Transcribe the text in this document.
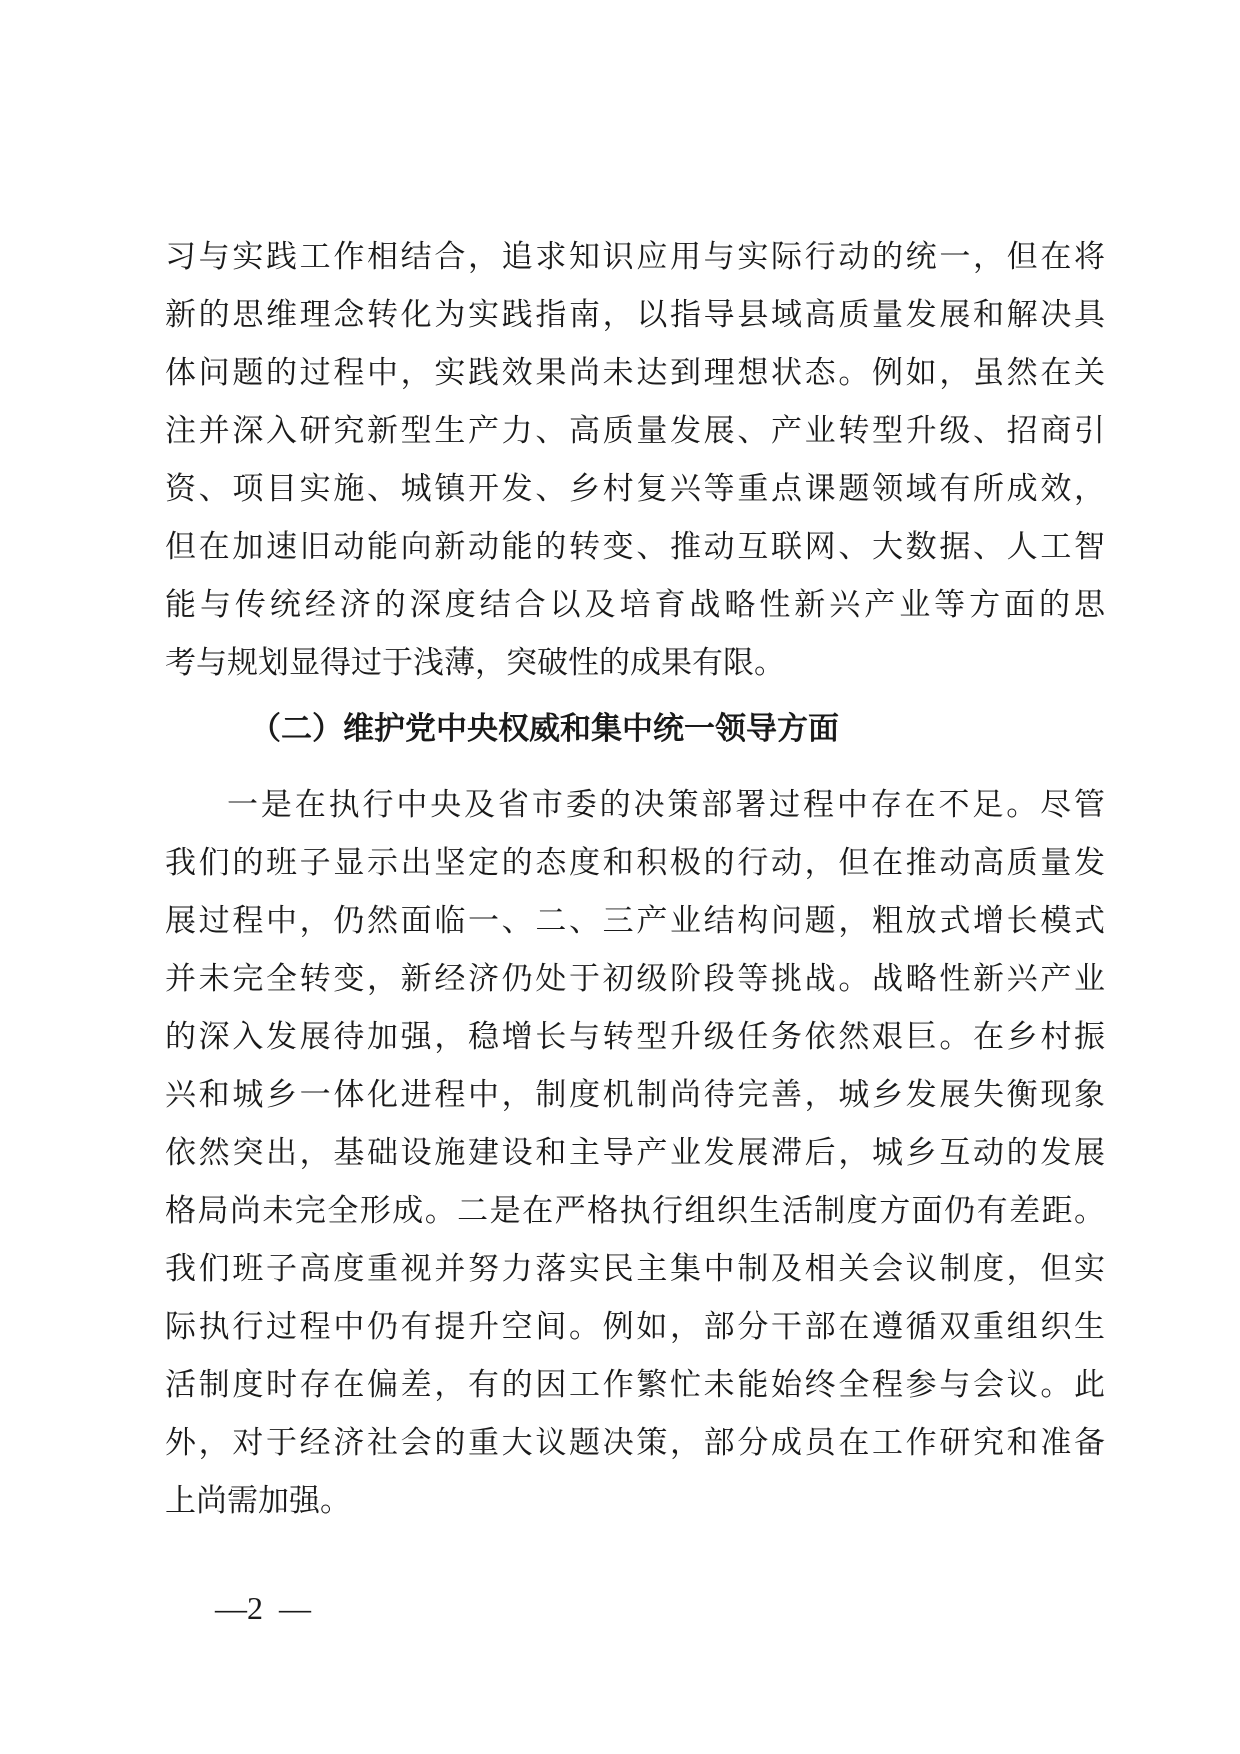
习与实践工作相结合，追求知识应用与实际行动的统一，但在将
新的思维理念转化为实践指南，以指导县域高质量发展和解决具
体问题的过程中，实践效果尚未达到理想状态。例如，虽然在关
注并深入研究新型生产力、高质量发展、产业转型升级、招商引
资、项目实施、城镇开发、乡村复兴等重点课题领域有所成效，
但在加速旧动能向新动能的转变、推动互联网、大数据、人工智
能与传统经济的深度结合以及培育战略性新兴产业等方面的思
考与规划显得过于浅薄，突破性的成果有限。
（二）维护党中央权威和集中统一领导方面
一是在执行中央及省市委的决策部署过程中存在不足。尽管
我们的班子显示出坚定的态度和积极的行动，但在推动高质量发
展过程中，仍然面临一、二、三产业结构问题，粗放式增长模式
并未完全转变，新经济仍处于初级阶段等挑战。战略性新兴产业
的深入发展待加强，稳增长与转型升级任务依然艰巨。在乡村振
兴和城乡一体化进程中，制度机制尚待完善，城乡发展失衡现象
依然突出，基础设施建设和主导产业发展滞后，城乡互动的发展
格局尚未完全形成。二是在严格执行组织生活制度方面仍有差距。
我们班子高度重视并努力落实民主集中制及相关会议制度，但实
际执行过程中仍有提升空间。例如，部分干部在遵循双重组织生
活制度时存在偏差，有的因工作繁忙未能始终全程参与会议。此
外，对于经济社会的重大议题决策，部分成员在工作研究和准备
上尚需加强。
—2  —
